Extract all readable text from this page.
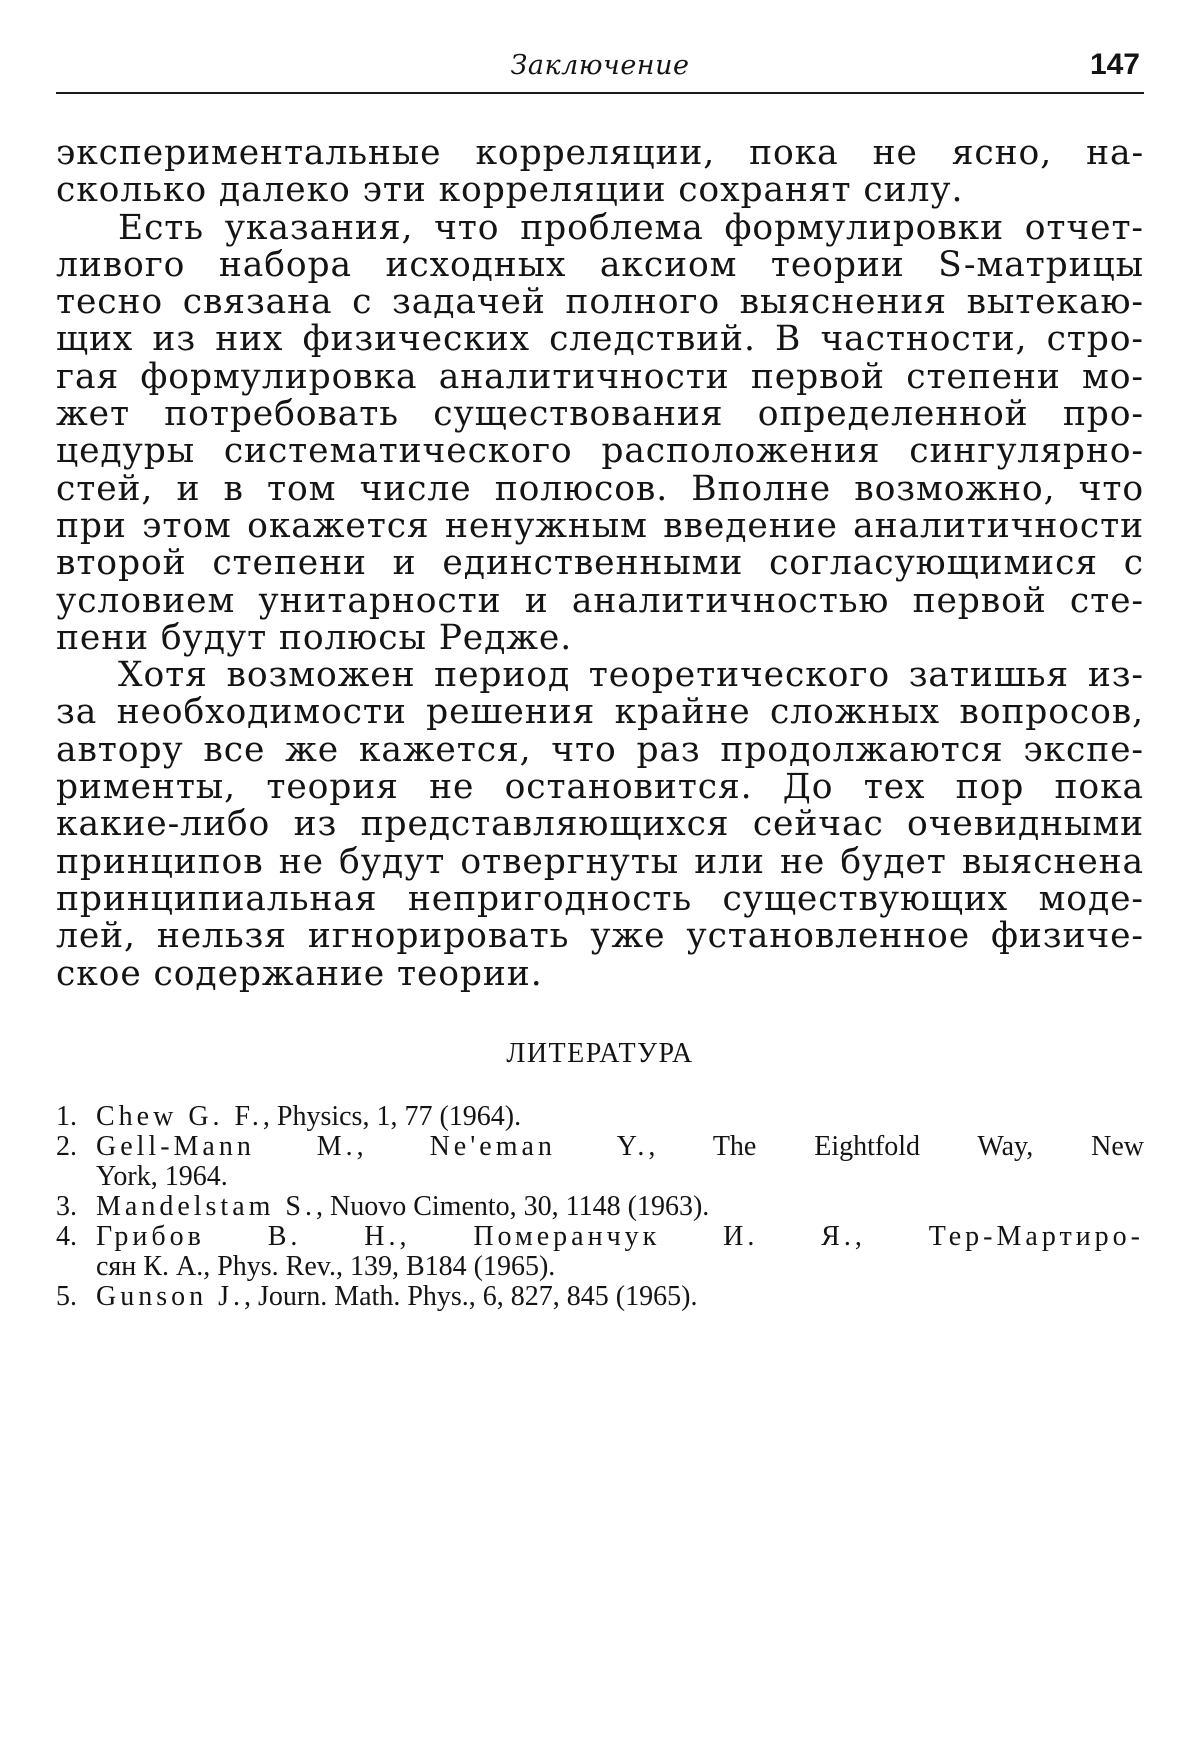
Заключение	147
экспериментальные корреляции, пока не ясно, на-
сколько далеко эти корреляции сохранят силу.
Есть указания, что проблема формулировки отчет-
ливого набора исходных аксиом теории S-матрицы
тесно связана с задачей полного выяснения вытекаю-
щих из них физических следствий. В частности, стро-
гая формулировка аналитичности первой степени мо-
жет потребовать существования определенной про-
цедуры систематического расположения сингулярно-
стей, и в том числе полюсов. Вполне возможно, что
при этом окажется ненужным введение аналитичности
второй степени и единственными согласующимися с
условием унитарности и аналитичностью первой сте-
пени будут полюсы Редже.
Хотя возможен период теоретического затишья из-
за необходимости решения крайне сложных вопросов,
автору все же кажется, что раз продолжаются экспе-
рименты, теория не остановится. До тех пор пока
какие-либо из представляющихся сейчас очевидными
принципов не будут отвергнуты или не будет выяснена
принципиальная непригодность существующих моде-
лей, нельзя игнорировать уже установленное физиче-
ское содержание теории.
ЛИТЕРАТУРА
1. Chew G. F., Physics, 1, 77 (1964).
2. Gell-Mann M., Ne'eman Y., The Eightfold Way, New
York, 1964.
3. Mandelstam S., Nuovo Cimento, 30, 1148 (1963).
4. Грибов В. Н., Померанчук И. Я., Тер-Мартиро-
сян К. А., Phys. Rev., 139, B184 (1965).
5. Gunson J., Journ. Math. Phys., 6, 827, 845 (1965).
